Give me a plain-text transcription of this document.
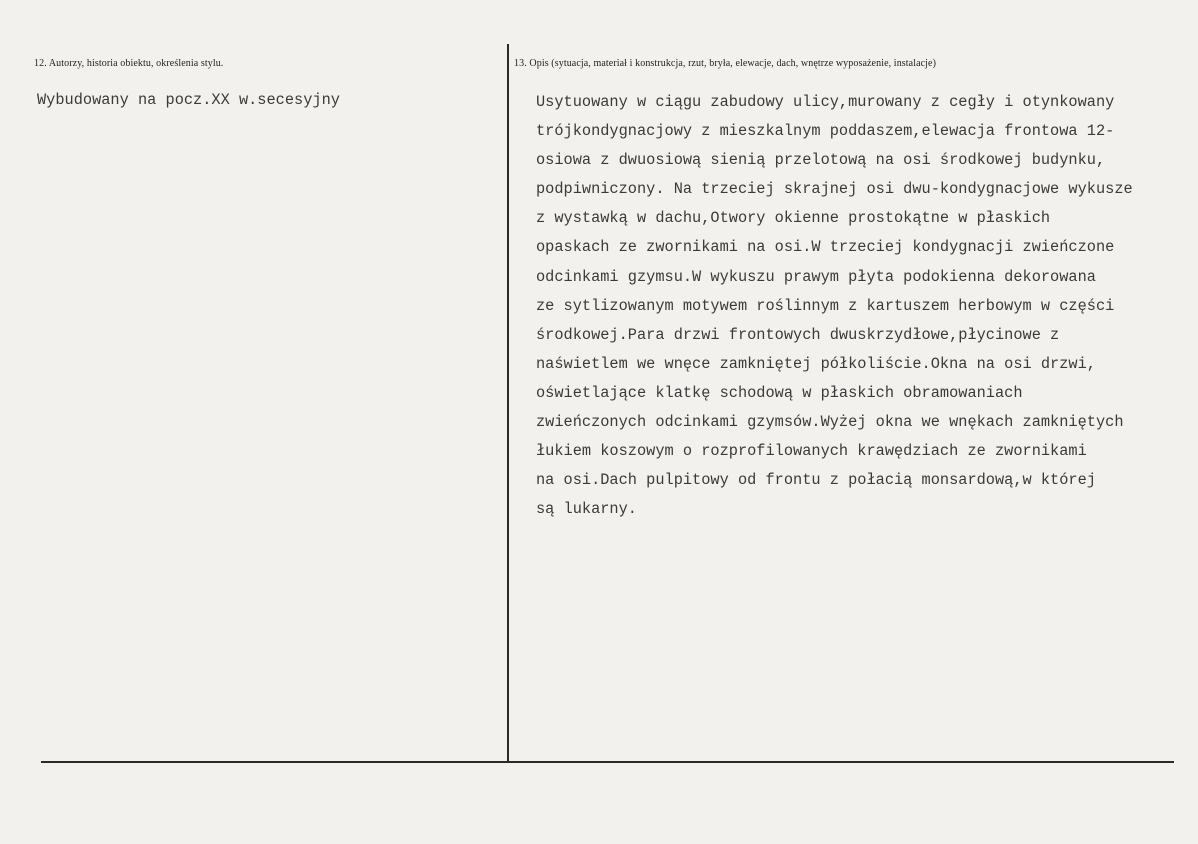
12. Autorzy, historia obiektu, określenia stylu.
Wybudowany na pocz.XX w.secesyjny
13. Opis (sytuacja, materiał i konstrukcja, rzut, bryła, elewacje, dach, wnętrze wyposażenie, instalacje)
Usytuowany w ciągu zabudowy ulicy,murowany z cegły i otynkowany
trójkondygnacjowy z mieszkalnym poddaszem,elewacja frontowa 12-
osiowa z dwuosiową sienią przelotową na osi środkowej budynku,
podpiwniczony. Na trzeciej skrajnej osi dwu-kondygnacjowe wykusze
z wystawką w dachu,Otwory okienne prostokątne w płaskich
opaskach ze zwornikami na osi.W trzeciej kondygnacji zwieńczone
odcinkami gzymsu.W wykuszu prawym płyta podokienna dekorowana
ze sytlizowanym motywem roślinnym z kartuszem herbowym w części
środkowej.Para drzwi frontowych dwuskrzydłowe,płycinowe z
naświetlem we wnęce zamkniętej półkoliście.Okna na osi drzwi,
oświetlające klatkę schodową w płaskich obramowaniach
zwieńczonych odcinkami gzymsów.Wyżej okna we wnękach zamkniętych
łukiem koszowym o rozprofilowanych krawędziach ze zwornikami
na osi.Dach pulpitowy od frontu z połacią monsardową,w której
są lukarny.
